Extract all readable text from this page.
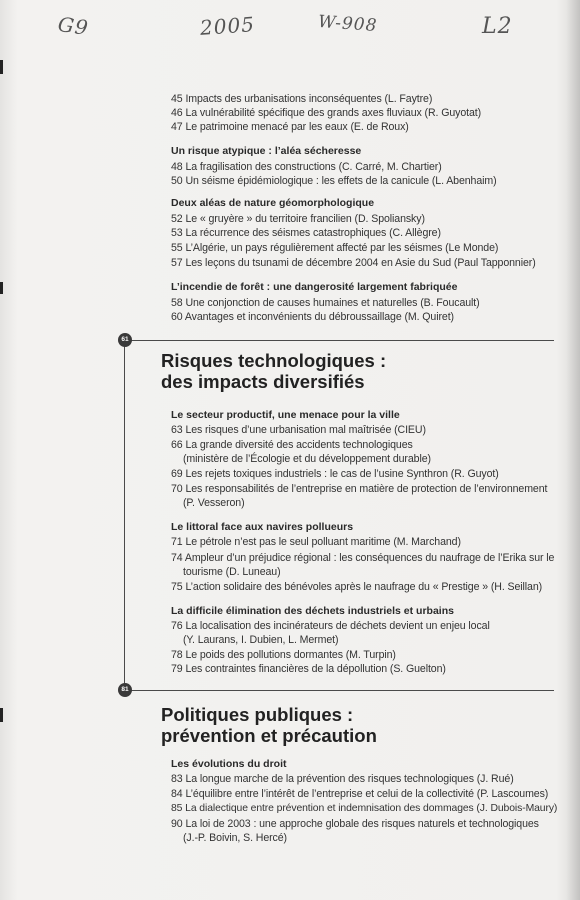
G9	2005	W-908	L2
61
81
45 Impacts des urbanisations inconséquentes (L. Faytre)
46 La vulnérabilité spécifique des grands axes fluviaux (R. Guyotat)
47 Le patrimoine menacé par les eaux (E. de Roux)
Un risque atypique : l’aléa sécheresse
48 La fragilisation des constructions (C. Carré, M. Chartier)
50 Un séisme épidémiologique : les effets de la canicule (L. Abenhaim)
Deux aléas de nature géomorphologique
52 Le « gruyère » du territoire francilien (D. Spoliansky)
53 La récurrence des séismes catastrophiques (C. Allègre)
55 L’Algérie, un pays régulièrement affecté par les séismes (Le Monde)
57 Les leçons du tsunami de décembre 2004 en Asie du Sud (Paul Tapponnier)
L’incendie de forêt : une dangerosité largement fabriquée
58 Une conjonction de causes humaines et naturelles (B. Foucault)
60 Avantages et inconvénients du débroussaillage (M. Quiret)
Risques technologiques :
des impacts diversifiés
Le secteur productif, une menace pour la ville
63 Les risques d’une urbanisation mal maîtrisée (CIEU)
66 La grande diversité des accidents technologiques
(ministère de l’Écologie et du développement durable)
69 Les rejets toxiques industriels : le cas de l’usine Synthron (R. Guyot)
70 Les responsabilités de l’entreprise en matière de protection de l’environnement
(P. Vesseron)
Le littoral face aux navires pollueurs
71 Le pétrole n’est pas le seul polluant maritime (M. Marchand)
74 Ampleur d’un préjudice régional : les conséquences du naufrage de l’Erika sur le
tourisme (D. Luneau)
75 L’action solidaire des bénévoles après le naufrage du « Prestige » (H. Seillan)
La difficile élimination des déchets industriels et urbains
76 La localisation des incinérateurs de déchets devient un enjeu local
(Y. Laurans, I. Dubien, L. Mermet)
78 Le poids des pollutions dormantes (M. Turpin)
79 Les contraintes financières de la dépollution (S. Guelton)
Politiques publiques :
prévention et précaution
Les évolutions du droit
83 La longue marche de la prévention des risques technologiques (J. Rué)
84 L’équilibre entre l’intérêt de l’entreprise et celui de la collectivité (P. Lascoumes)
85 La dialectique entre prévention et indemnisation des dommages (J. Dubois-Maury)
90 La loi de 2003 : une approche globale des risques naturels et technologiques
(J.-P. Boivin, S. Hercé)
